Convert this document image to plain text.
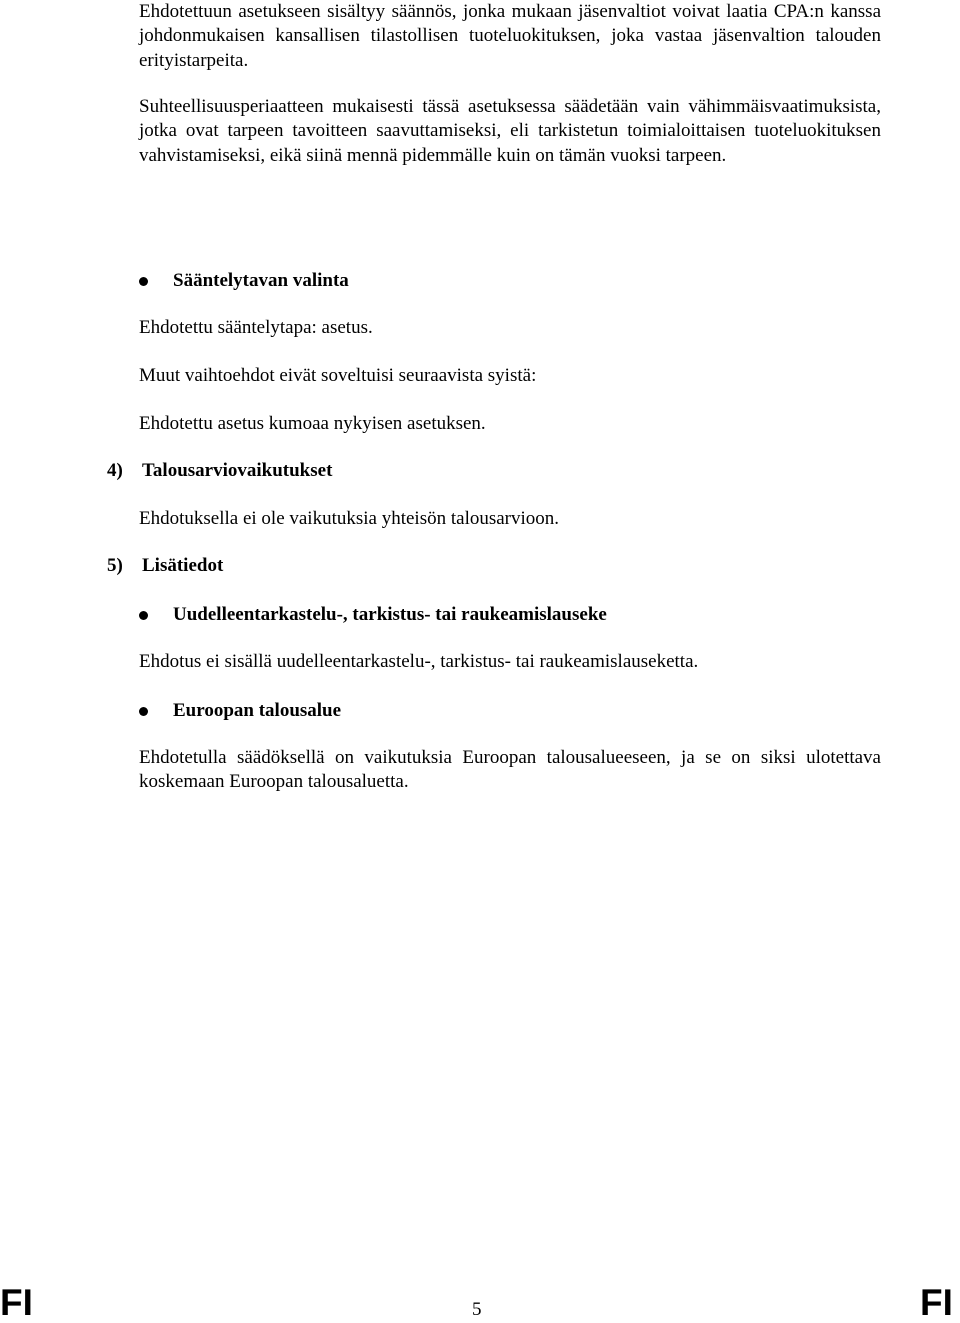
Ehdotettuun asetukseen sisältyy säännös, jonka mukaan jäsenvaltiot voivat laatia CPA:n kanssa johdonmukaisen kansallisen tilastollisen tuoteluokituksen, joka vastaa jäsenvaltion talouden erityistarpeita.

Suhteellisuusperiaatteen mukaisesti tässä asetuksessa säädetään vain vähimmäisvaatimuksista, jotka ovat tarpeen tavoitteen saavuttamiseksi, eli tarkistetun toimialoittaisen tuoteluokituksen vahvistamiseksi, eikä siinä mennä pidemmälle kuin on tämän vuoksi tarpeen.

Sääntelytavan valinta

Ehdotettu sääntelytapa: asetus.

Muut vaihtoehdot eivät soveltuisi seuraavista syistä:

Ehdotettu asetus kumoaa nykyisen asetuksen.

4) Talousarviovaikutukset

Ehdotuksella ei ole vaikutuksia yhteisön talousarvioon.

5) Lisätiedot
Uudelleentarkastelu-, tarkistus- tai raukeamislauseke

Ehdotus ei sisällä uudelleentarkastelu-, tarkistus- tai raukeamislauseketta.

Euroopan talousalue

Ehdotetulla säädöksellä on vaikutuksia Euroopan talousalueeseen, ja se on siksi ulotettava koskemaan Euroopan talousaluetta.

FI	5	FI
